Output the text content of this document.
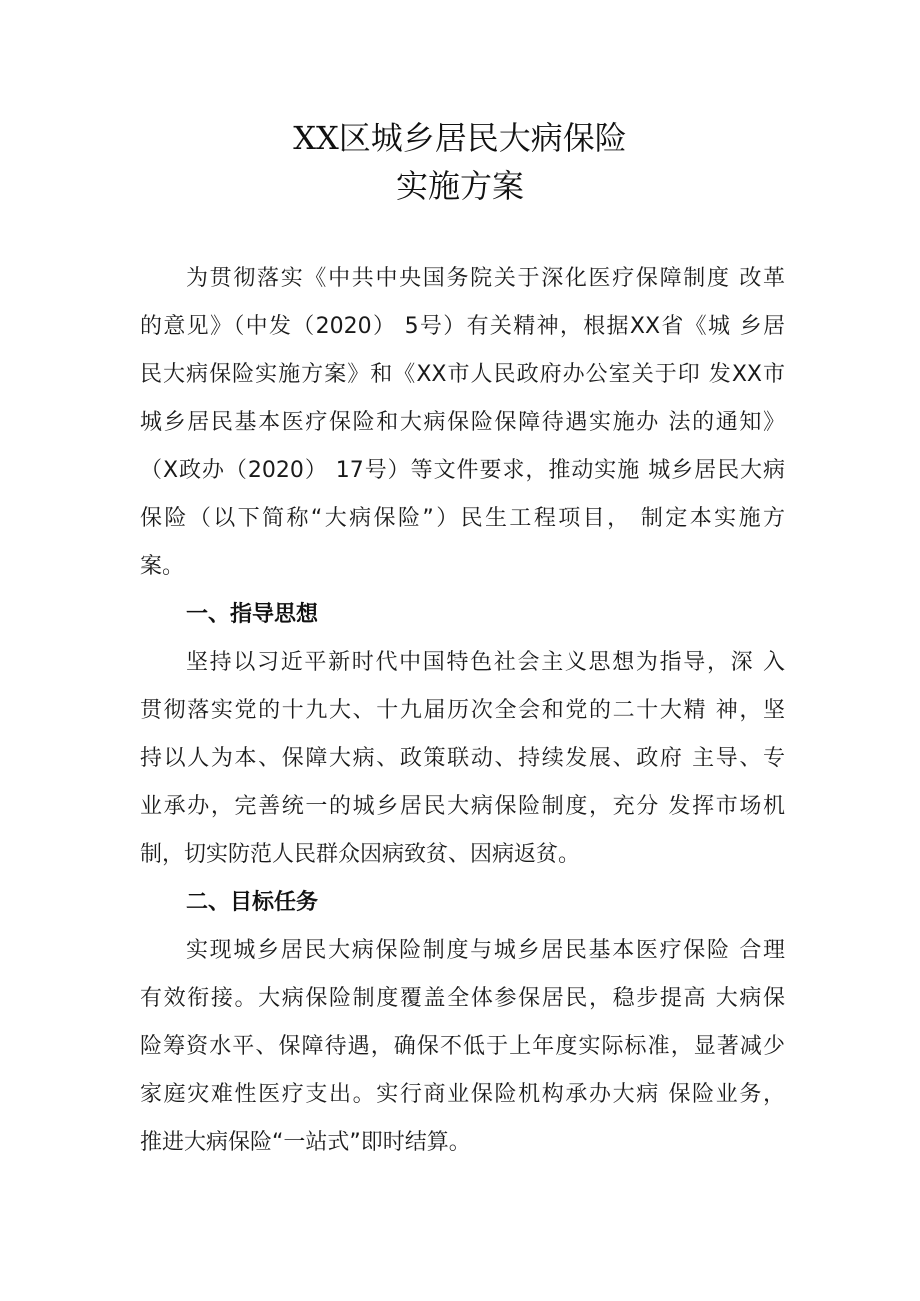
XX区城乡居民大病保险
实施方案
为贯彻落实《中共中央国务院关于深化医疗保障制度 改革
的意见》（中发（2020） 5号）有关精神，根据XX省《城 乡居
民大病保险实施方案》和《XX市人民政府办公室关于印 发XX市
城乡居民基本医疗保险和大病保险保障待遇实施办 法的通知》
（X政办（2020） 17号）等文件要求，推动实施 城乡居民大病
保险（以下简称“大病保险”）民生工程项目， 制定本实施方
案。
一、指导思想
坚持以习近平新时代中国特色社会主义思想为指导，深 入
贯彻落实党的十九大、十九届历次全会和党的二十大精 神，坚
持以人为本、保障大病、政策联动、持续发展、政府 主导、专
业承办，完善统一的城乡居民大病保险制度，充分 发挥市场机
制，切实防范人民群众因病致贫、因病返贫。
二、目标任务
实现城乡居民大病保险制度与城乡居民基本医疗保险 合理
有效衔接。大病保险制度覆盖全体参保居民，稳步提高 大病保
险筹资水平、保障待遇，确保不低于上年度实际标准，显著减少
家庭灾难性医疗支出。实行商业保险机构承办大病 保险业务，
推进大病保险“一站式”即时结算。
